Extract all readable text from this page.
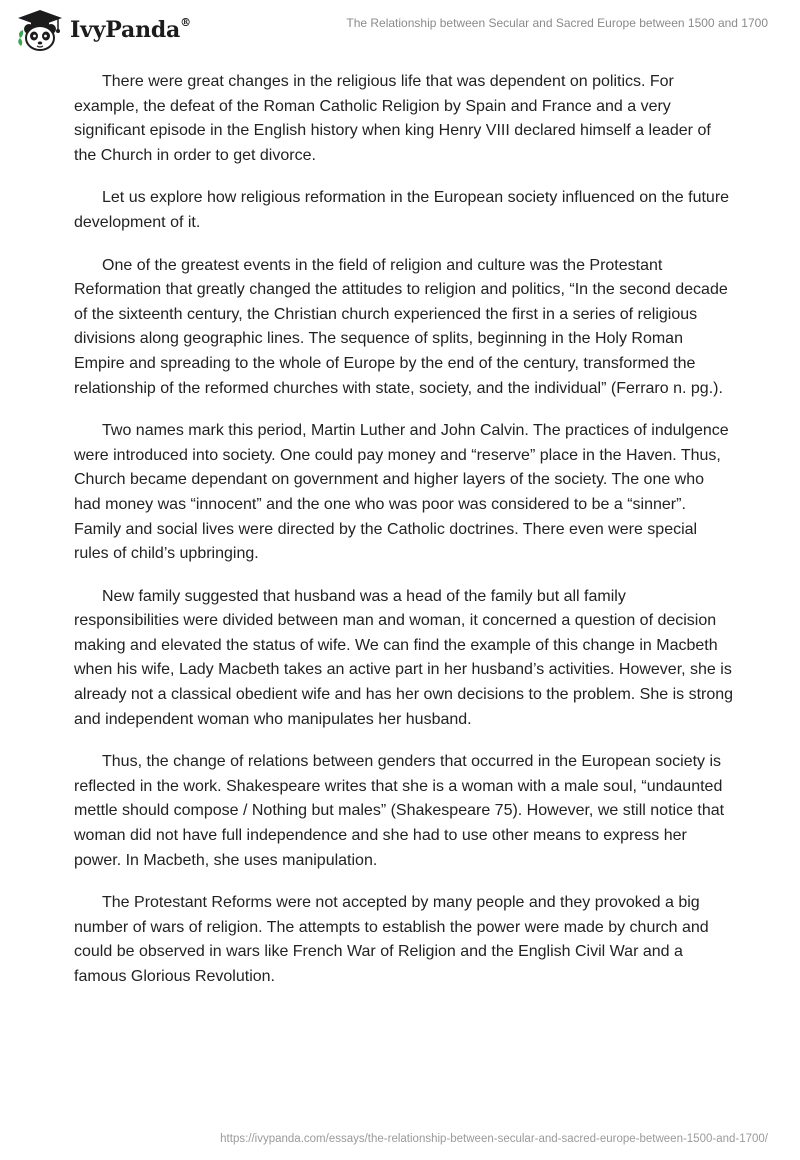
IvyPanda®	The Relationship between Secular and Sacred Europe between 1500 and 1700

There were great changes in the religious life that was dependent on politics. For example, the defeat of the Roman Catholic Religion by Spain and France and a very significant episode in the English history when king Henry VIII declared himself a leader of the Church in order to get divorce.

Let us explore how religious reformation in the European society influenced on the future development of it.

One of the greatest events in the field of religion and culture was the Protestant Reformation that greatly changed the attitudes to religion and politics, “In the second decade of the sixteenth century, the Christian church experienced the first in a series of religious divisions along geographic lines. The sequence of splits, beginning in the Holy Roman Empire and spreading to the whole of Europe by the end of the century, transformed the relationship of the reformed churches with state, society, and the individual” (Ferraro n. pg.).

Two names mark this period, Martin Luther and John Calvin. The practices of indulgence were introduced into society. One could pay money and “reserve” place in the Haven. Thus, Church became dependant on government and higher layers of the society. The one who had money was “innocent” and the one who was poor was considered to be a “sinner”. Family and social lives were directed by the Catholic doctrines. There even were special rules of child’s upbringing.

New family suggested that husband was a head of the family but all family responsibilities were divided between man and woman, it concerned a question of decision making and elevated the status of wife. We can find the example of this change in Macbeth when his wife, Lady Macbeth takes an active part in her husband’s activities. However, she is already not a classical obedient wife and has her own decisions to the problem. She is strong and independent woman who manipulates her husband.

Thus, the change of relations between genders that occurred in the European society is reflected in the work. Shakespeare writes that she is a woman with a male soul, “undaunted mettle should compose / Nothing but males” (Shakespeare 75). However, we still notice that woman did not have full independence and she had to use other means to express her power. In Macbeth, she uses manipulation.

The Protestant Reforms were not accepted by many people and they provoked a big number of wars of religion. The attempts to establish the power were made by church and could be observed in wars like French War of Religion and the English Civil War and a famous Glorious Revolution.

https://ivypanda.com/essays/the-relationship-between-secular-and-sacred-europe-between-1500-and-1700/
